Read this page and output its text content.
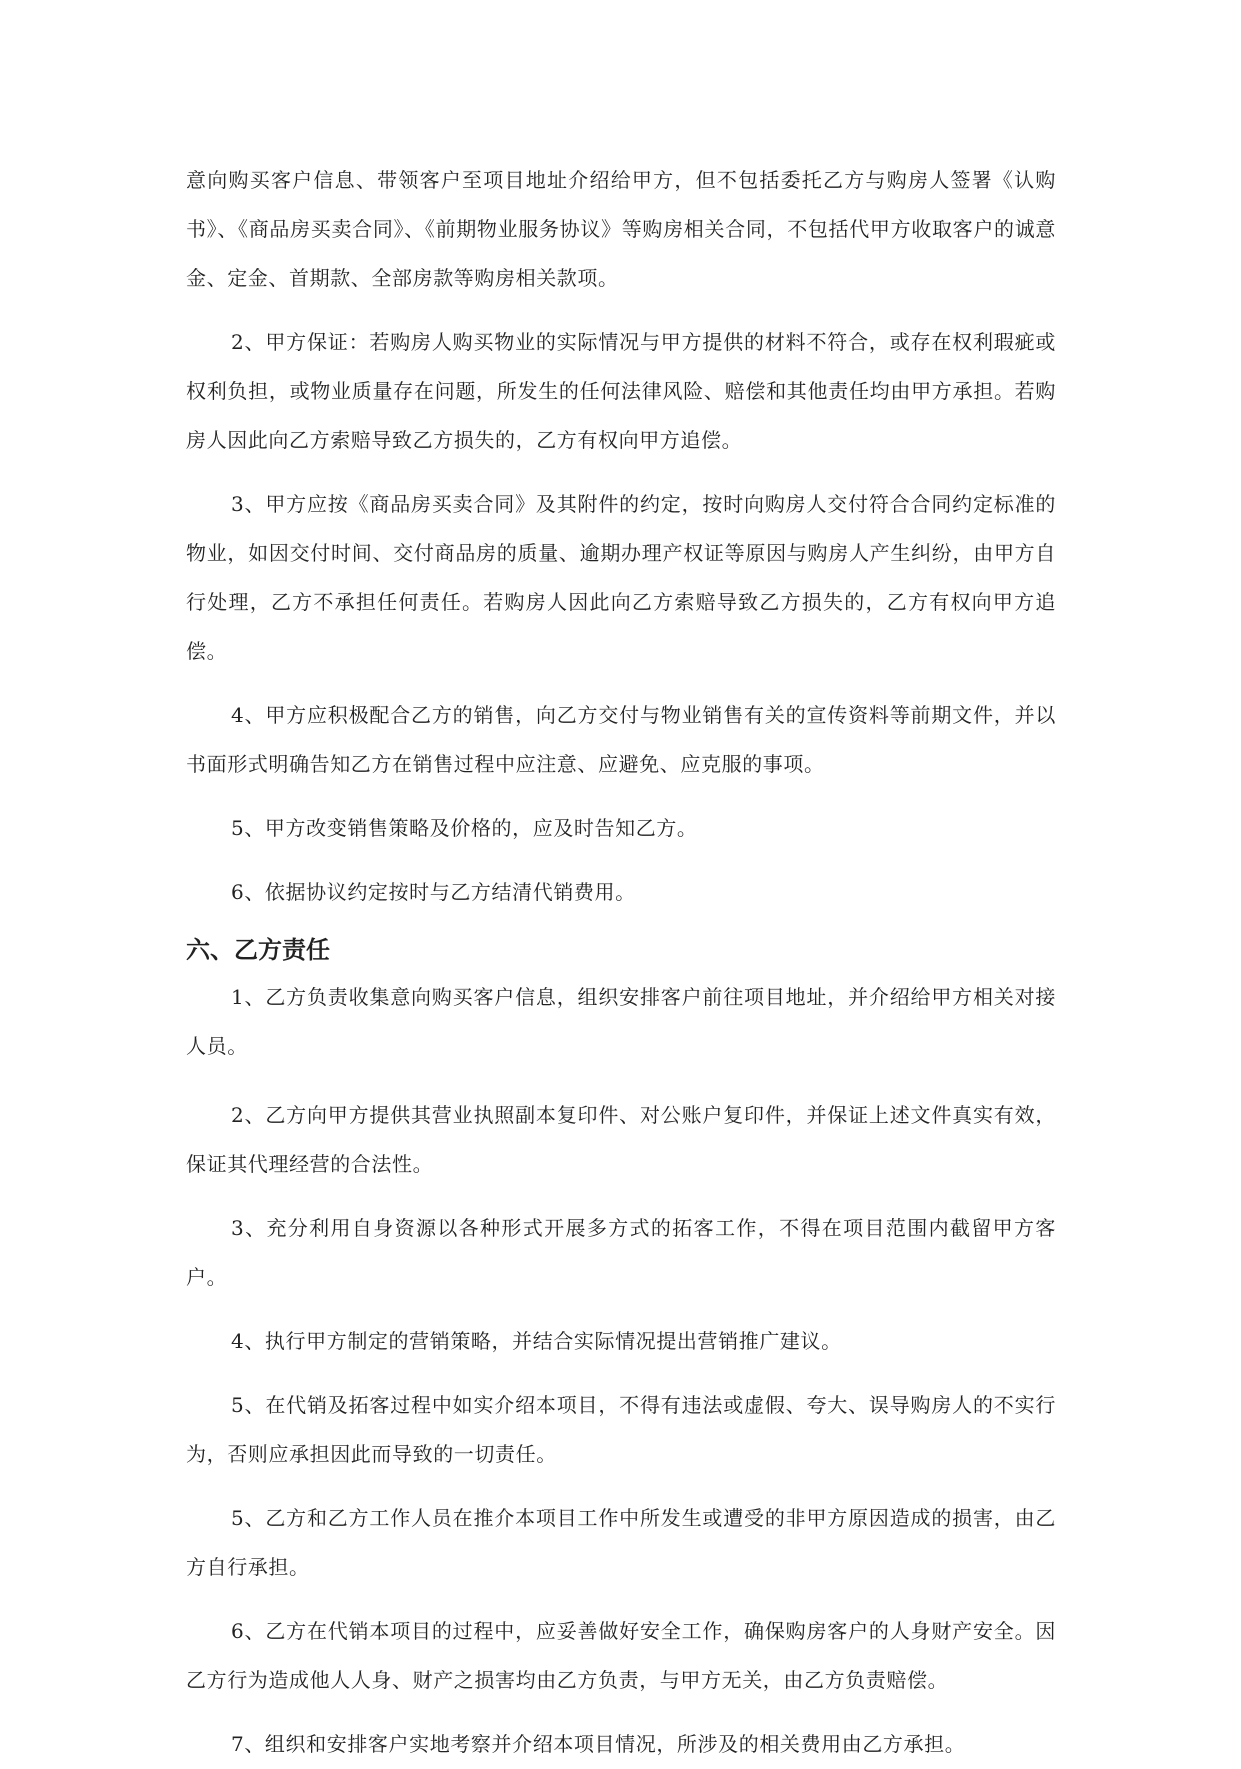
意向购买客户信息、带领客户至项目地址介绍给甲方，但不包括委托乙方与购房人签署《认购书》、《商品房买卖合同》、《前期物业服务协议》等购房相关合同，不包括代甲方收取客户的诚意金、定金、首期款、全部房款等购房相关款项。

2、甲方保证：若购房人购买物业的实际情况与甲方提供的材料不符合，或存在权利瑕疵或权利负担，或物业质量存在问题，所发生的任何法律风险、赔偿和其他责任均由甲方承担。若购房人因此向乙方索赔导致乙方损失的，乙方有权向甲方追偿。

3、甲方应按《商品房买卖合同》及其附件的约定，按时向购房人交付符合合同约定标准的物业，如因交付时间、交付商品房的质量、逾期办理产权证等原因与购房人产生纠纷，由甲方自行处理，乙方不承担任何责任。若购房人因此向乙方索赔导致乙方损失的，乙方有权向甲方追偿。

4、甲方应积极配合乙方的销售，向乙方交付与物业销售有关的宣传资料等前期文件，并以书面形式明确告知乙方在销售过程中应注意、应避免、应克服的事项。

5、甲方改变销售策略及价格的，应及时告知乙方。

6、依据协议约定按时与乙方结清代销费用。

六、乙方责任

1、乙方负责收集意向购买客户信息，组织安排客户前往项目地址，并介绍给甲方相关对接人员。

2、乙方向甲方提供其营业执照副本复印件、对公账户复印件，并保证上述文件真实有效，保证其代理经营的合法性。

3、充分利用自身资源以各种形式开展多方式的拓客工作，不得在项目范围内截留甲方客户。

4、执行甲方制定的营销策略，并结合实际情况提出营销推广建议。

5、在代销及拓客过程中如实介绍本项目，不得有违法或虚假、夸大、误导购房人的不实行为，否则应承担因此而导致的一切责任。

5、乙方和乙方工作人员在推介本项目工作中所发生或遭受的非甲方原因造成的损害，由乙方自行承担。

6、乙方在代销本项目的过程中，应妥善做好安全工作，确保购房客户的人身财产安全。因乙方行为造成他人人身、财产之损害均由乙方负责，与甲方无关，由乙方负责赔偿。

7、组织和安排客户实地考察并介绍本项目情况，所涉及的相关费用由乙方承担。
